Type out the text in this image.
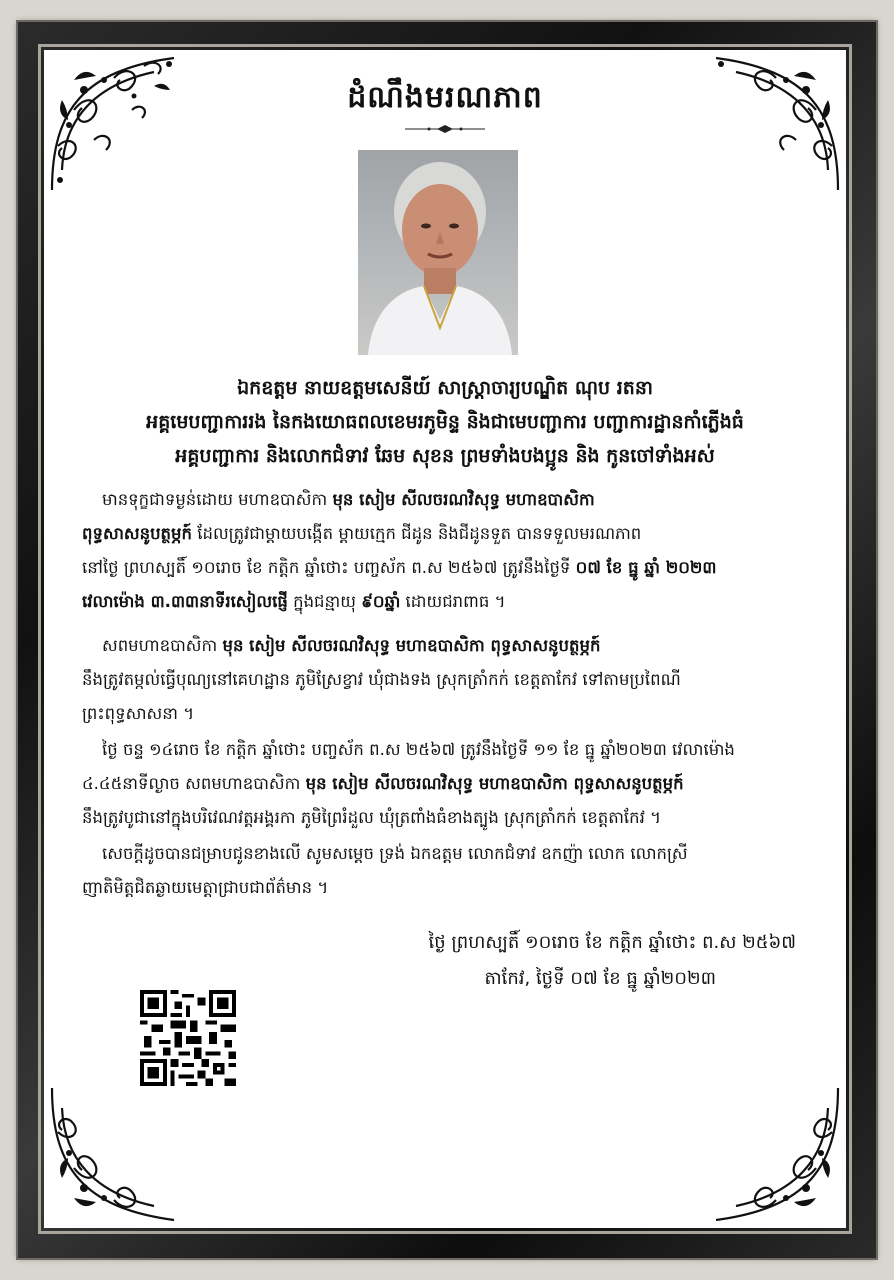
ដំណឹងមរណភាព
ឯកឧត្តម នាយឧត្តមសេនីយ៍ សាស្ត្រាចារ្យបណ្ឌិត ណុប រតនា
អគ្គមេបញ្ជាការរង នៃកងយោធពលខេមរភូមិន្ទ និងជាមេបញ្ជាការ បញ្ជាការដ្ឋានកាំភ្លើងធំ
អគ្គបញ្ជាការ និងលោកជំទាវ ឆែម សុខន ព្រមទាំងបងប្អូន និង កូនចៅទាំងអស់
មានទុក្ខជាទម្ងន់ដោយ មហាឧបាសិកា មុន សៀម សីលចរណវិសុទ្ធ មហាឧបាសិកា
ពុទ្ធសាសនូបត្ថម្ភក៍ ដែលត្រូវជាម្តាយបង្កើត ម្តាយក្មេក ជីដូន និងជីដូនទួត បានទទួលមរណភាព
នៅថ្ងៃ ព្រហស្បតិ៍ ១០រោច ខែ កត្តិក ឆ្នាំថោះ បញ្ចស័ក ព.ស ២៥៦៧ ត្រូវនឹងថ្ងៃទី ០៧ ខែ ធ្នូ ឆ្នាំ ២០២៣
វេលាម៉ោង ៣.៣៣នាទីរសៀលផ្ញើ ក្នុងជន្មាយុ ៩០ឆ្នាំ ដោយជរាពាធ ។
សពមហាឧបាសិកា មុន សៀម សីលចរណវិសុទ្ធ មហាឧបាសិកា ពុទ្ធសាសនូបត្ថម្ភក៍
នឹងត្រូវតម្កល់ធ្វើបុណ្យនៅគេហដ្ឋាន ភូមិស្រែខ្វាវ ឃុំជាងទង ស្រុកត្រាំកក់ ខេត្តតាកែវ ទៅតាមប្រពៃណី
ព្រះពុទ្ធសាសនា ។
ថ្ងៃ ចន្ទ ១៤រោច ខែ កត្តិក ឆ្នាំថោះ បញ្ចស័ក ព.ស ២៥៦៧ ត្រូវនឹងថ្ងៃទី ១១ ខែ ធ្នូ ឆ្នាំ២០២៣ វេលាម៉ោង
៤.៤៥នាទីល្ងាច សពមហាឧបាសិកា មុន សៀម សីលចរណវិសុទ្ធ មហាឧបាសិកា ពុទ្ធសាសនូបត្ថម្ភក៍
នឹងត្រូវបូជានៅក្នុងបរិវេណវត្តអង្គរកា ភូមិព្រៃរំដួល ឃុំត្រពាំងធំខាងត្បូង ស្រុកត្រាំកក់ ខេត្តតាកែវ ។
សេចក្តីដូចបានជម្រាបជូនខាងលើ សូមសម្តេច ទ្រង់ ឯកឧត្តម លោកជំទាវ ឧកញ៉ា លោក លោកស្រី
ញាតិមិត្តជិតឆ្ងាយមេត្តាជ្រាបជាព័ត៌មាន ។
ថ្ងៃ ព្រហស្បតិ៍ ១០រោច ខែ កត្តិក ឆ្នាំថោះ ព.ស ២៥៦៧
តាកែវ, ថ្ងៃទី ០៧ ខែ ធ្នូ ឆ្នាំ២០២៣
